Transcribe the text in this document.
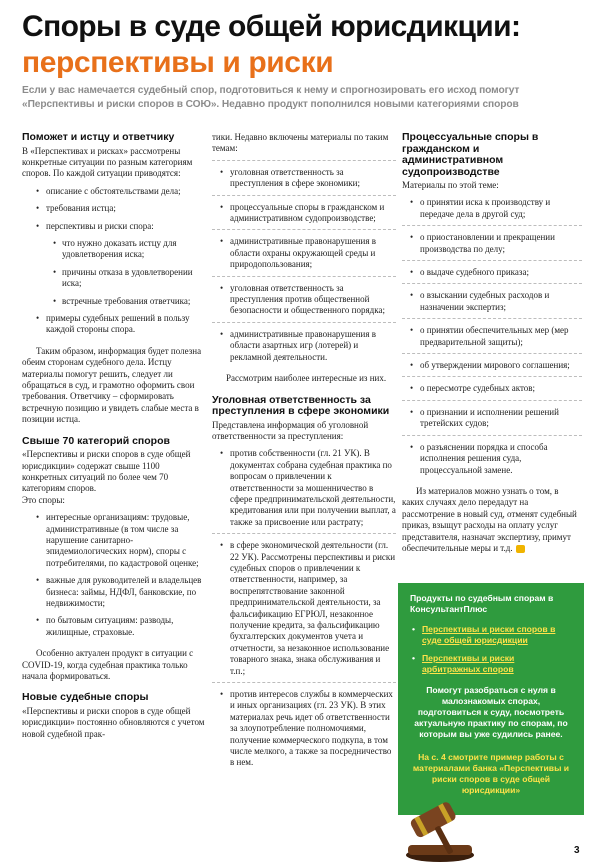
Споры в суде общей юрисдикции:
перспективы и риски
Если у вас намечается судебный спор, подготовиться к нему и спрогнозировать его исход помогут «Перспективы и риски споров в СОЮ». Недавно продукт пополнился новыми категориями споров
Поможет и истцу и ответчику

В «Перспективах и рисках» рассмотрены конкретные ситуации по разным категориям споров. По каждой ситуации приводятся:

• описание с обстоятельствами дела;
• требования истца;
• перспективы и риски спора:
• что нужно доказать истцу для удовлетворения иска;
• причины отказа в удовлетворении иска;
• встречные требования ответчика;
• примеры судебных решений в пользу каждой стороны спора.

Таким образом, информация будет полезна обеим сторонам судебного дела. Истцу материалы помогут решить, следует ли обращаться в суд, и грамотно оформить свои требования. Ответчику – сформировать встречную позицию и увидеть слабые места в позиции истца.

Свыше 70 категорий споров

«Перспективы и риски споров в суде общей юрисдикции» содержат свыше 1100 конкретных ситуаций по более чем 70 категориям споров.

Это споры:

• интересные организациям: трудовые, административные (в том числе за нарушение санитарно-эпидемиологических норм), споры с потребителями, по кадастровой оценке;
• важные для руководителей и владельцев бизнеса: займы, НДФЛ, банковские, по недвижимости;
• по бытовым ситуациям: разводы, жилищные, страховые.

Особенно актуален продукт в ситуации с COVID-19, когда судебная практика только начала формироваться.

Новые судебные споры

«Перспективы и риски споров в суде общей юрисдикции» постоянно обновляются с учетом новой судебной прак-

тики. Недавно включены материалы по таким темам:

• уголовная ответственность за преступления в сфере экономики;
• процессуальные споры в гражданском и административном судопроизводстве;
• административные правонарушения в области охраны окружающей среды и природопользования;
• уголовная ответственность за преступления против общественной безопасности и общественного порядка;
• административные правонарушения в области азартных игр (лотерей) и рекламной деятельности.

Рассмотрим наиболее интересные из них.

Уголовная ответственность за преступления в сфере экономики

Представлена информация об уголовной ответственности за преступления:

• против собственности (гл. 21 УК). В документах собрана судебная практика по вопросам о привлечении к ответственности за мошенничество в сфере предпринимательской деятельности, кредитования или при получении выплат, а также за присвоение или растрату;
• в сфере экономической деятельности (гл. 22 УК). Рассмотрены перспективы и риски судебных споров о привлечении к ответственности, например, за воспрепятствование законной предпринимательской деятельности, за фальсификацию ЕГРЮЛ, незаконное получение кредита, за фальсификацию бухгалтерских документов учета и отчетности, за незаконное использование товарного знака, знака обслуживания и т.п.;
• против интересов службы в коммерческих и иных организациях (гл. 23 УК). В этих материалах речь идет об ответственности за злоупотребление полномочиями, получение коммерческого подкупа, в том числе мелкого, а также за посредничество в нем.
Процессуальные споры в гражданском и административном судопроизводстве

Материалы по этой теме:

• о принятии иска к производству и передаче дела в другой суд;
• о приостановлении и прекращении производства по делу;
• о выдаче судебного приказа;
• о взыскании судебных расходов и назначении экспертиз;
• о принятии обеспечительных мер (мер предварительной защиты);
• об утверждении мирового соглашения;
• о пересмотре судебных актов;
• о признании и исполнении решений третейских судов;
• о разъяснении порядка и способа исполнения решения суда, процессуальной замене.

Из материалов можно узнать о том, в каких случаях дело передадут на рассмотрение в новый суд, отменят судебный приказ, взыщут расходы на оплату услуг представителя, назначат экспертизу, примут обеспечительные меры и т.д.

Продукты по судебным спорам в КонсультантПлюс
• Перспективы и риски споров в суде общей юрисдикции
• Перспективы и риски арбитражных споров
Помогут разобраться с нуля в малознакомых спорах, подготовиться к суду, посмотреть актуальную практику по спорам, по которым вы уже судились ранее.
На с. 4 смотрите пример работы с материалами банка «Перспективы и риски споров в суде общей юрисдикции»
3
